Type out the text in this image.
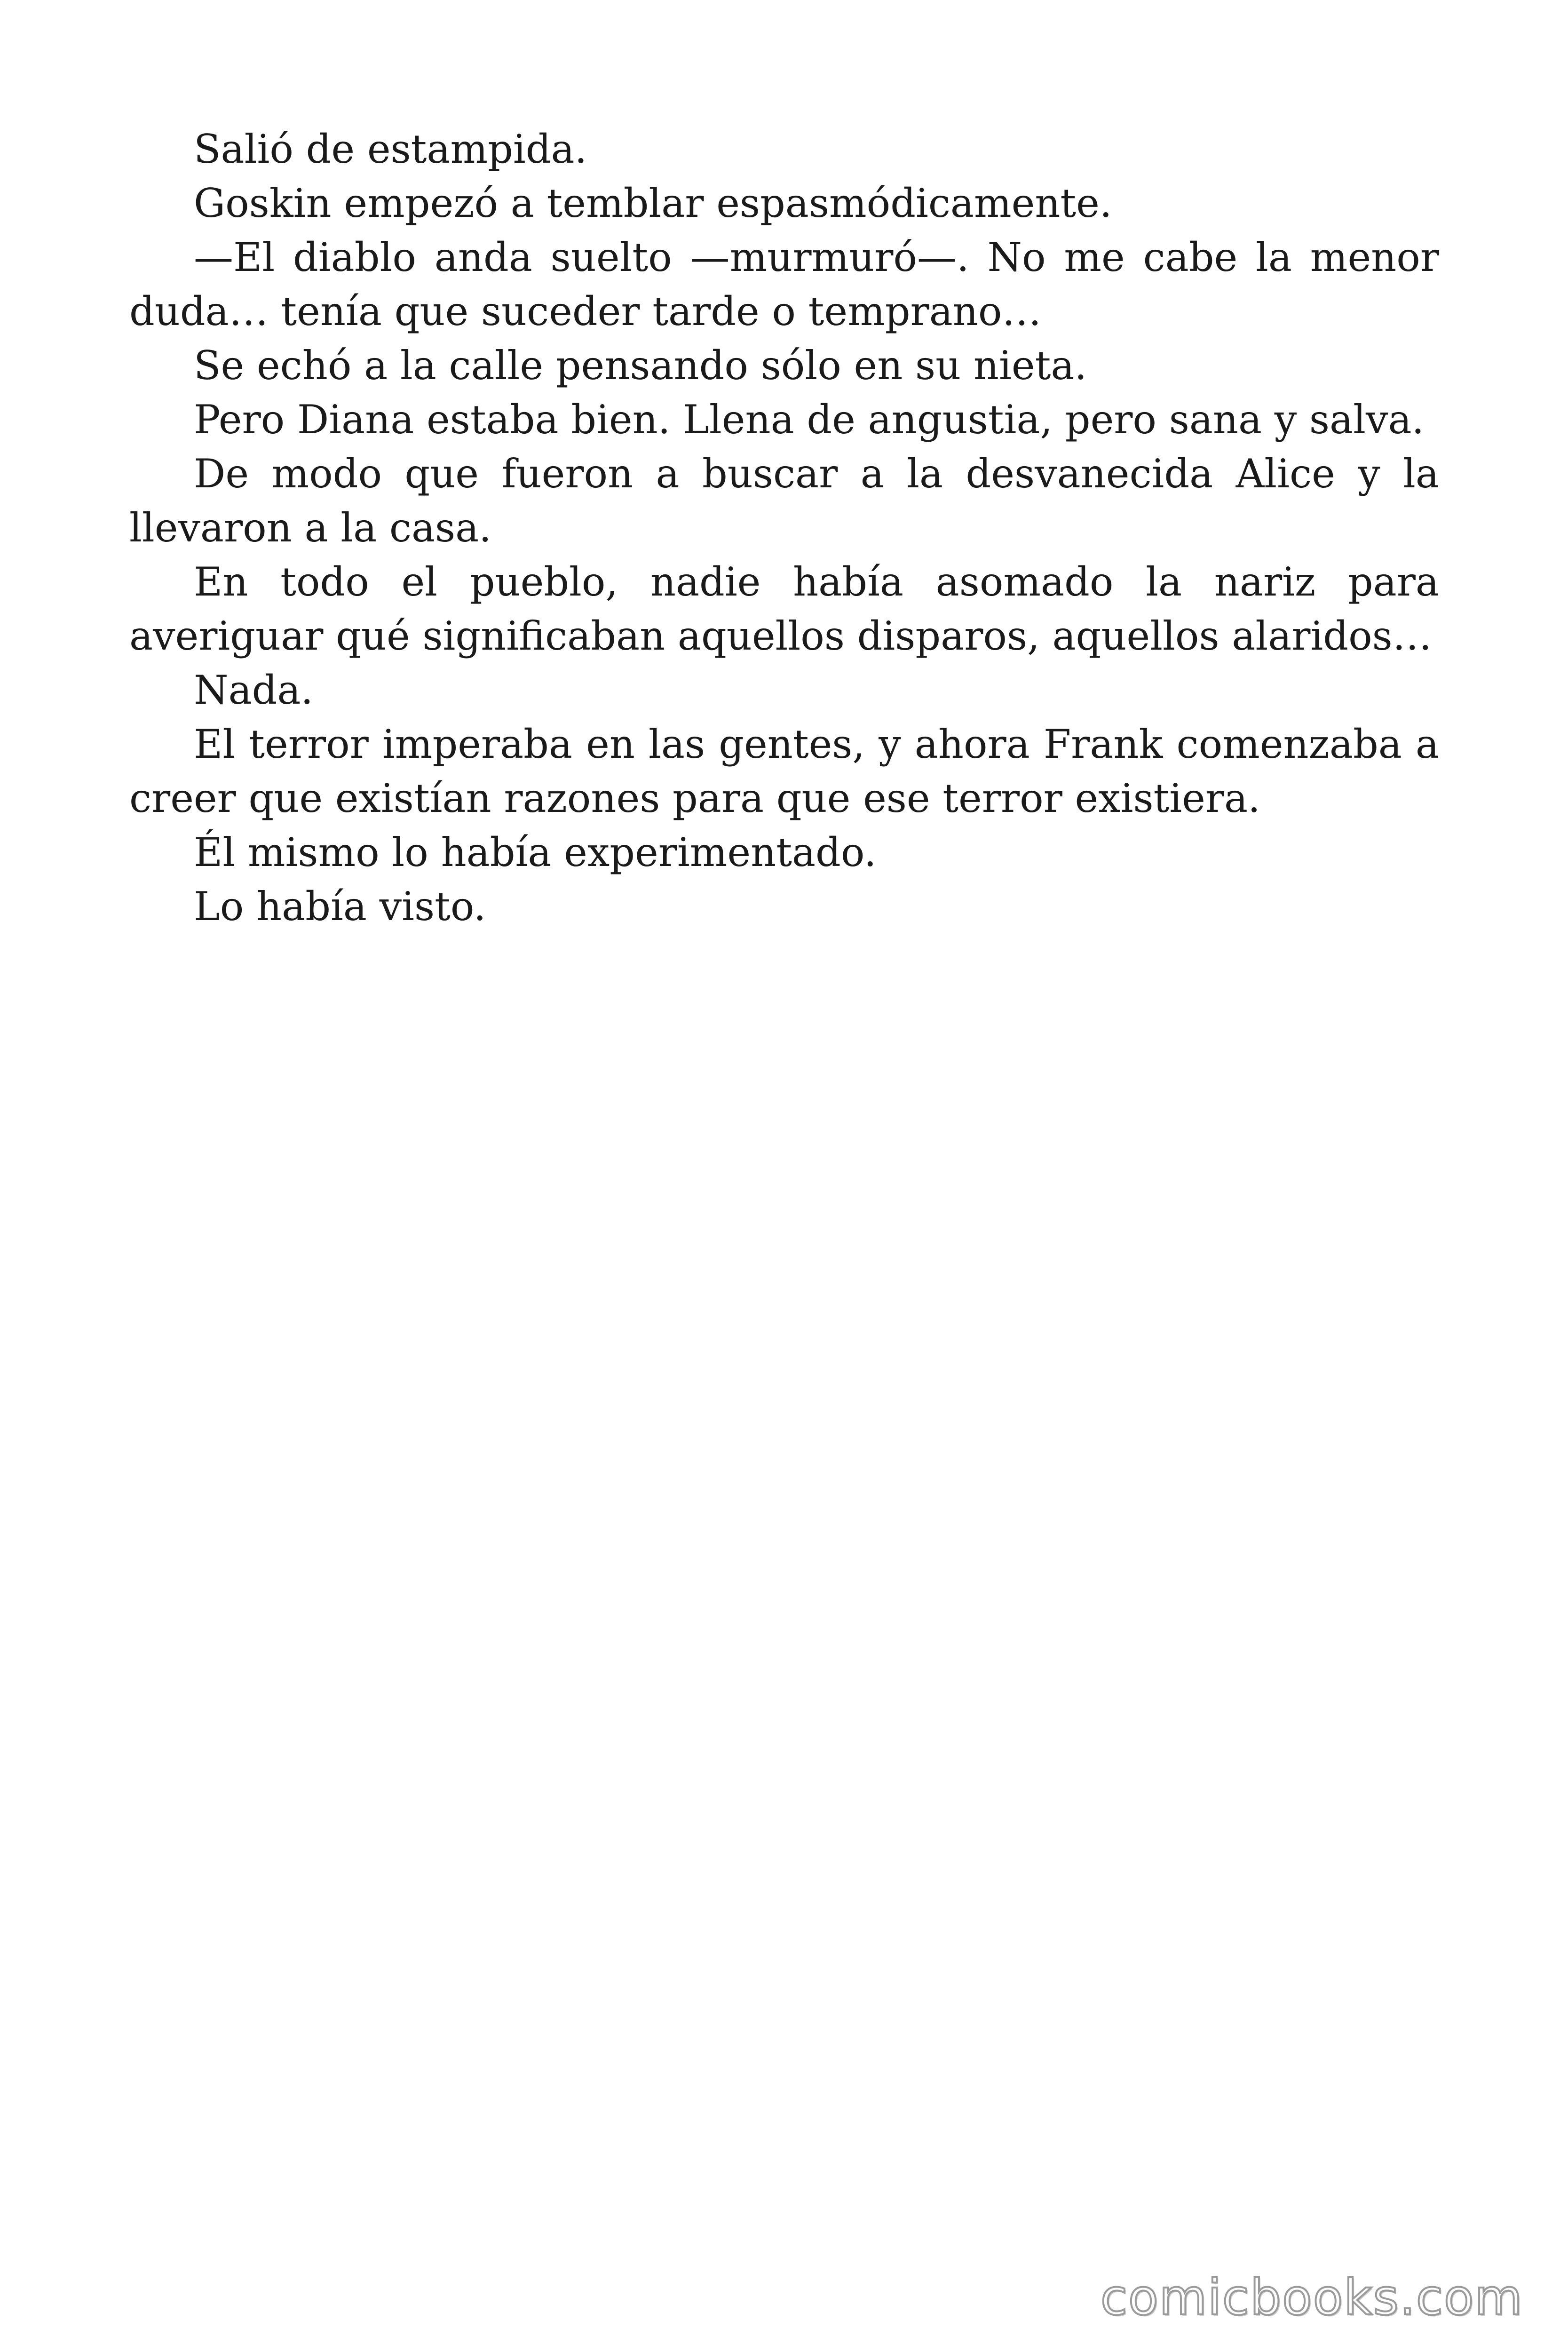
Salió de estampida.

Goskin empezó a temblar espasmódicamente.

—El diablo anda suelto —murmuró—. No me cabe la menor duda… tenía que suceder tarde o temprano…

Se echó a la calle pensando sólo en su nieta.

Pero Diana estaba bien. Llena de angustia, pero sana y salva.

De modo que fueron a buscar a la desvanecida Alice y la llevaron a la casa.

En todo el pueblo, nadie había asomado la nariz para averiguar qué significaban aquellos disparos, aquellos alaridos…

Nada.

El terror imperaba en las gentes, y ahora Frank comenzaba a creer que existían razones para que ese terror existiera.

Él mismo lo había experimentado.

Lo había visto.

comicbooks.com
